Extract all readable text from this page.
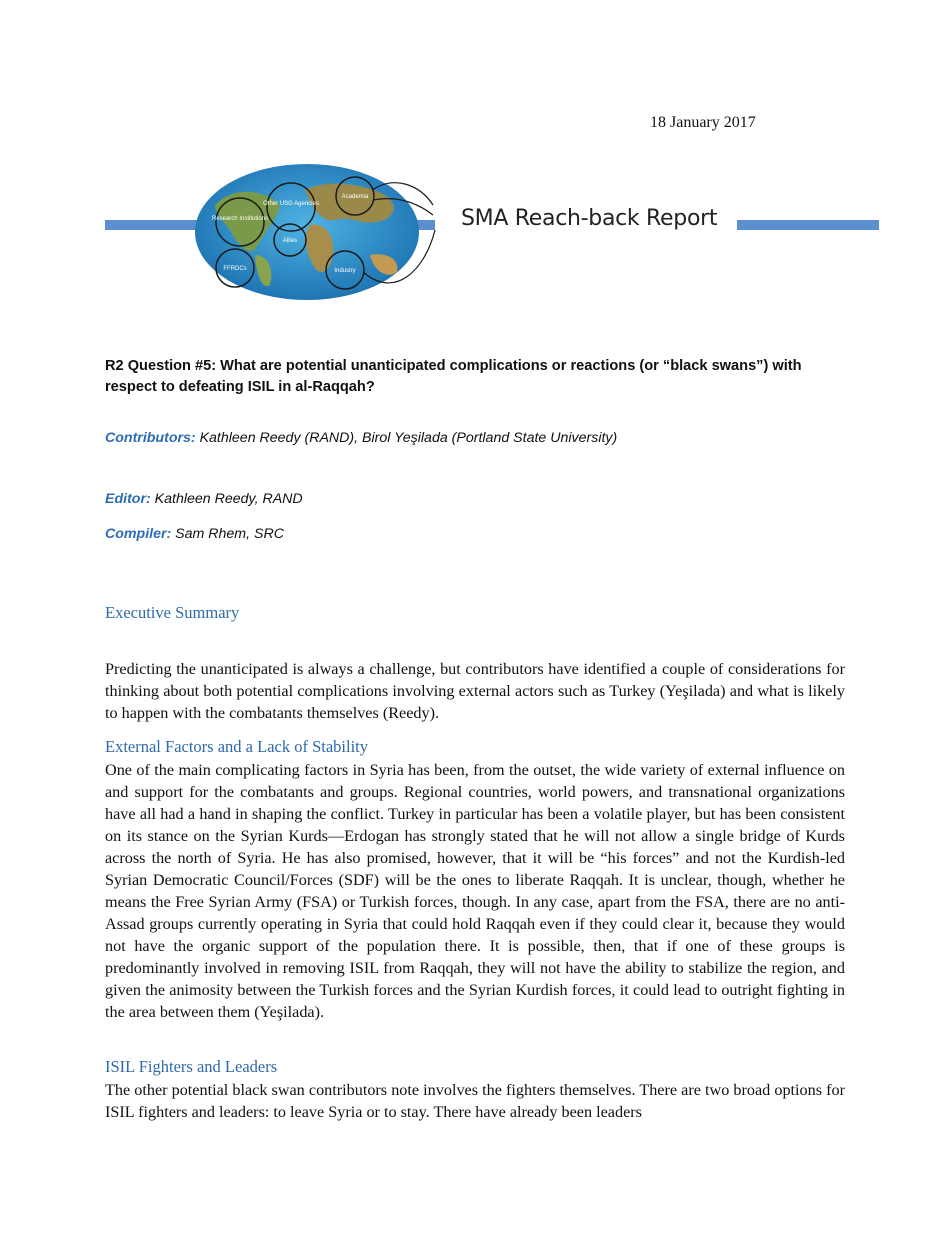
18 January 2017
Research Institutions
Other USG Agencies
Academia
Allies
FFRDCs	Industry
SMA Reach-back Report
R2 Question #5: What are potential unanticipated complications or reactions (or “black swans”) with respect to defeating ISIL in al-Raqqah?
Contributors: Kathleen Reedy (RAND), Birol Yeşilada (Portland State University)
Editor: Kathleen Reedy, RAND
Compiler: Sam Rhem, SRC
Executive Summary

Predicting the unanticipated is always a challenge, but contributors have identified a couple of considerations for thinking about both potential complications involving external actors such as Turkey (Yeşilada) and what is likely to happen with the combatants themselves (Reedy).

External Factors and a Lack of Stability

One of the main complicating factors in Syria has been, from the outset, the wide variety of external influence on and support for the combatants and groups. Regional countries, world powers, and transnational organizations have all had a hand in shaping the conflict. Turkey in particular has been a volatile player, but has been consistent on its stance on the Syrian Kurds—Erdogan has strongly stated that he will not allow a single bridge of Kurds across the north of Syria. He has also promised, however, that it will be “his forces” and not the Kurdish-led Syrian Democratic Council/Forces (SDF) will be the ones to liberate Raqqah. It is unclear, though, whether he means the Free Syrian Army (FSA) or Turkish forces, though. In any case, apart from the FSA, there are no anti-Assad groups currently operating in Syria that could hold Raqqah even if they could clear it, because they would not have the organic support of the population there. It is possible, then, that if one of these groups is predominantly involved in removing ISIL from Raqqah, they will not have the ability to stabilize the region, and given the animosity between the Turkish forces and the Syrian Kurdish forces, it could lead to outright fighting in the area between them (Yeşilada).

ISIL Fighters and Leaders

The other potential black swan contributors note involves the fighters themselves. There are two broad options for ISIL fighters and leaders: to leave Syria or to stay. There have already been leaders
